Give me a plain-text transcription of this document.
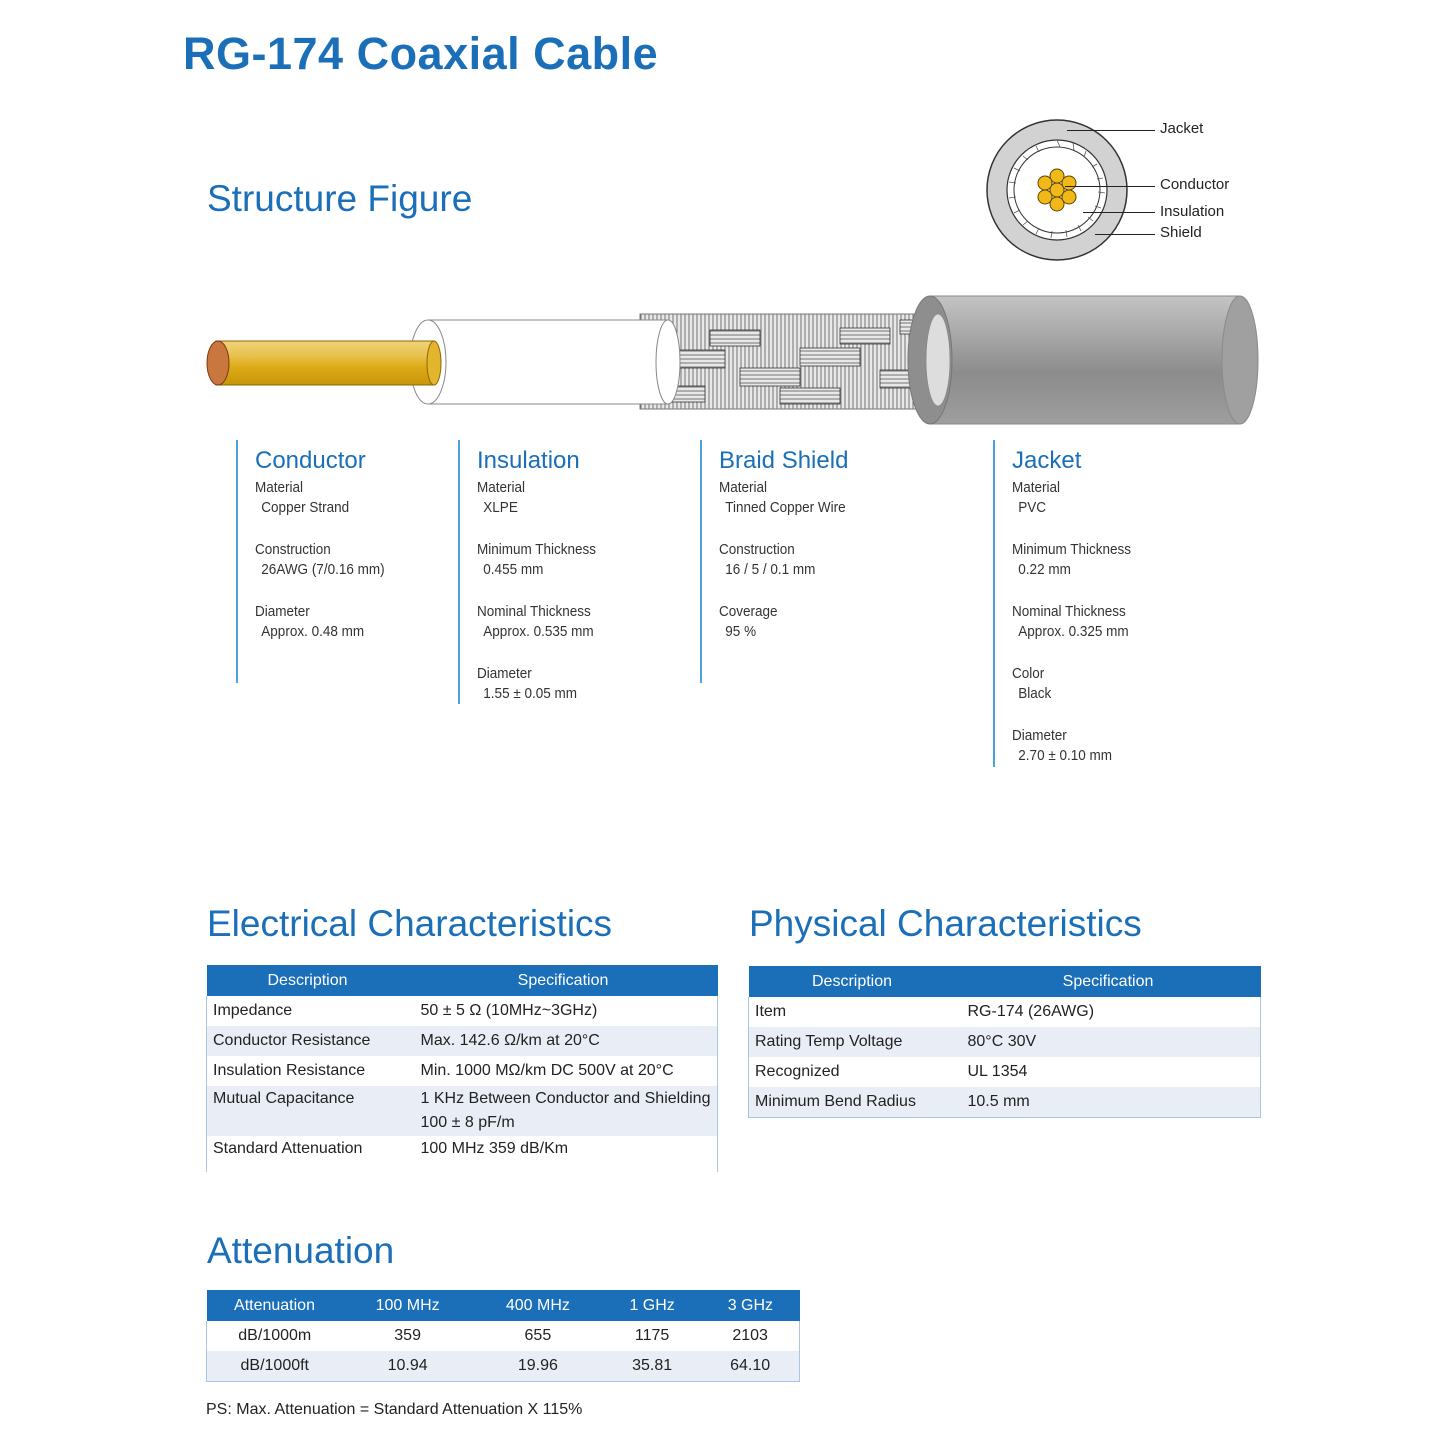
RG-174 Coaxial Cable
Structure Figure
Jacket
Conductor
Insulation
Shield
Conductor
Material
Copper Strand
Construction
26AWG (7/0.16 mm)
Diameter
Approx. 0.48 mm
Insulation
Material
XLPE
Minimum Thickness
0.455 mm
Nominal Thickness
Approx. 0.535 mm
Diameter
1.55 ± 0.05 mm
Braid Shield
Material
Tinned Copper Wire
Construction
16 / 5 / 0.1 mm
Coverage
95 %
Jacket
Material
PVC
Minimum Thickness
0.22 mm
Nominal Thickness
Approx. 0.325 mm
Color
Black
Diameter
2.70 ± 0.10 mm
Electrical Characteristics
Description	Specification
Impedance	50 ± 5 Ω (10MHz~3GHz)
Conductor Resistance	Max. 142.6 Ω/km at 20°C
Insulation Resistance	Min. 1000 MΩ/km DC 500V at 20°C
Mutual Capacitance	1 KHz Between Conductor and Shielding
100 ± 8 pF/m

Standard Attenuation	100 MHz 359 dB/Km
Physical Characteristics
Description	Specification
Item	RG-174 (26AWG)
Rating Temp Voltage	80°C 30V
Recognized	UL 1354
Minimum Bend Radius	10.5 mm
Attenuation
Attenuation	100 MHz	400 MHz	1 GHz	3 GHz
dB/1000m	359	655	1175	2103
dB/1000ft	10.94	19.96	35.81	64.10
PS: Max. Attenuation = Standard Attenuation X 115%
